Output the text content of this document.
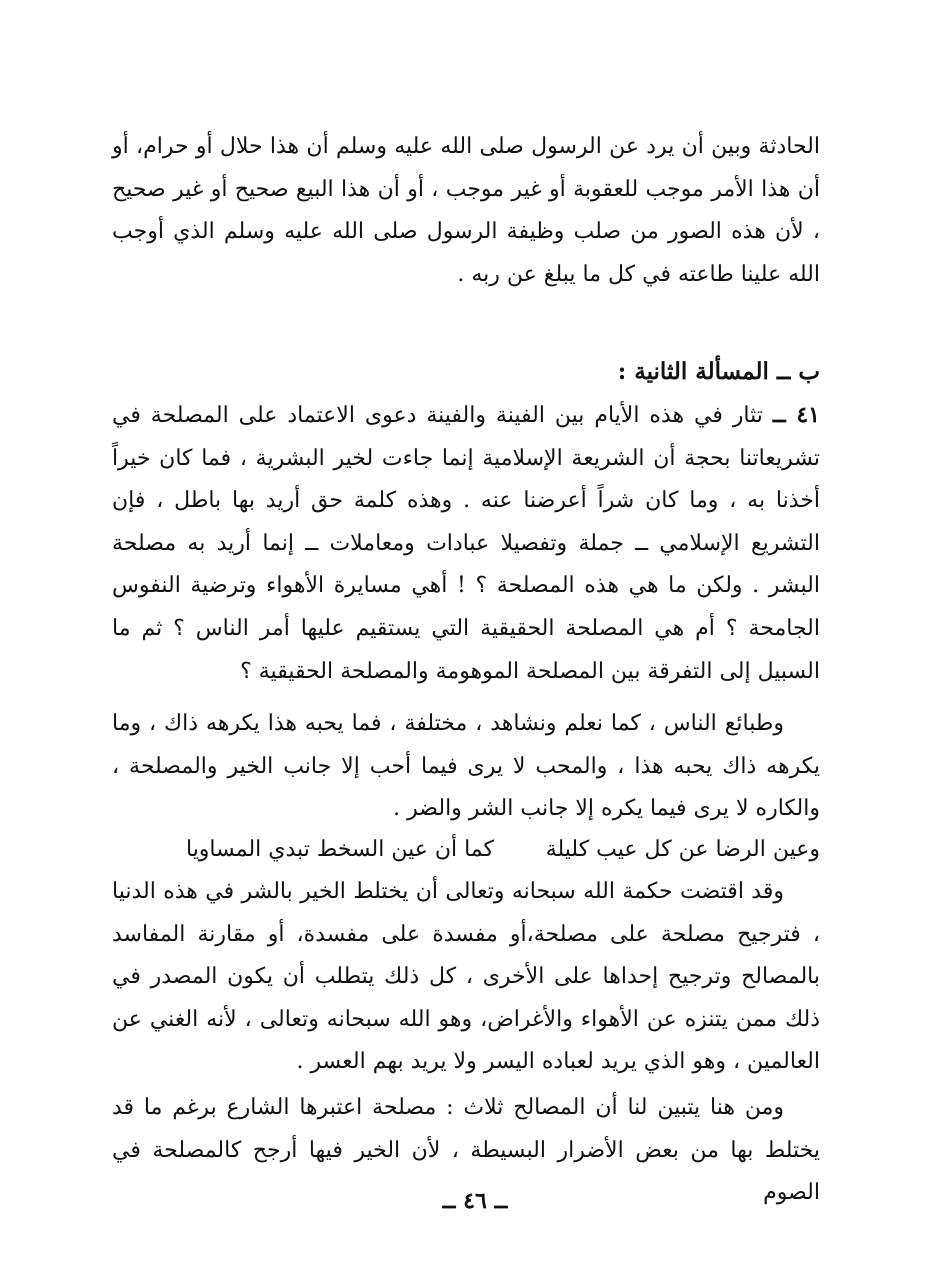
الحادثة وبين أن يرد عن الرسول صلى الله عليه وسلم أن هذا حلال أو حرام، أو أن هذا الأمر موجب للعقوبة أو غير موجب ، أو أن هذا البيع صحيح أو غير صحيح ، لأن هذه الصور من صلب وظيفة الرسول صلى الله عليه وسلم الذي أوجب الله علينا طاعته في كل ما يبلغ عن ربه .

ب ــ المسألة الثانية :

٤١ ــ تثار في هذه الأيام بين الفينة والفينة دعوى الاعتماد على المصلحة في تشريعاتنا بحجة أن الشريعة الإسلامية إنما جاءت لخير البشرية ، فما كان خيراً أخذنا به ، وما كان شراً أعرضنا عنه . وهذه كلمة حق أريد بها باطل ، فإن التشريع الإسلامي ــ جملة وتفصيلا عبادات ومعاملات ــ إنما أريد به مصلحة البشر . ولكن ما هي هذه المصلحة ؟ ! أهي مسايرة الأهواء وترضية النفوس الجامحة ؟ أم هي المصلحة الحقيقية التي يستقيم عليها أمر الناس ؟ ثم ما السبيل إلى التفرقة بين المصلحة الموهومة والمصلحة الحقيقية ؟

وطبائع الناس ، كما نعلم ونشاهد ، مختلفة ، فما يحبه هذا يكرهه ذاك ، وما يكرهه ذاك يحبه هذا ، والمحب لا يرى فيما أحب إلا جانب الخير والمصلحة ، والكاره لا يرى فيما يكره إلا جانب الشر والضر .

وعين الرضا عن كل عيب كليلة
كما أن عين السخط تبدي المساويا

وقد اقتضت حكمة الله سبحانه وتعالى أن يختلط الخير بالشر في هذه الدنيا ، فترجيح مصلحة على مصلحة،أو مفسدة على مفسدة، أو مقارنة المفاسد بالمصالح وترجيح إحداها على الأخرى ، كل ذلك يتطلب أن يكون المصدر في ذلك ممن يتنزه عن الأهواء والأغراض، وهو الله سبحانه وتعالى ، لأنه الغني عن العالمين ، وهو الذي يريد لعباده اليسر ولا يريد بهم العسر .

ومن هنا يتبين لنا أن المصالح ثلاث : مصلحة اعتبرها الشارع برغم ما قد يختلط بها من بعض الأضرار البسيطة ، لأن الخير فيها أرجح كالمصلحة في الصوم

ــ ٤٦ ــ
